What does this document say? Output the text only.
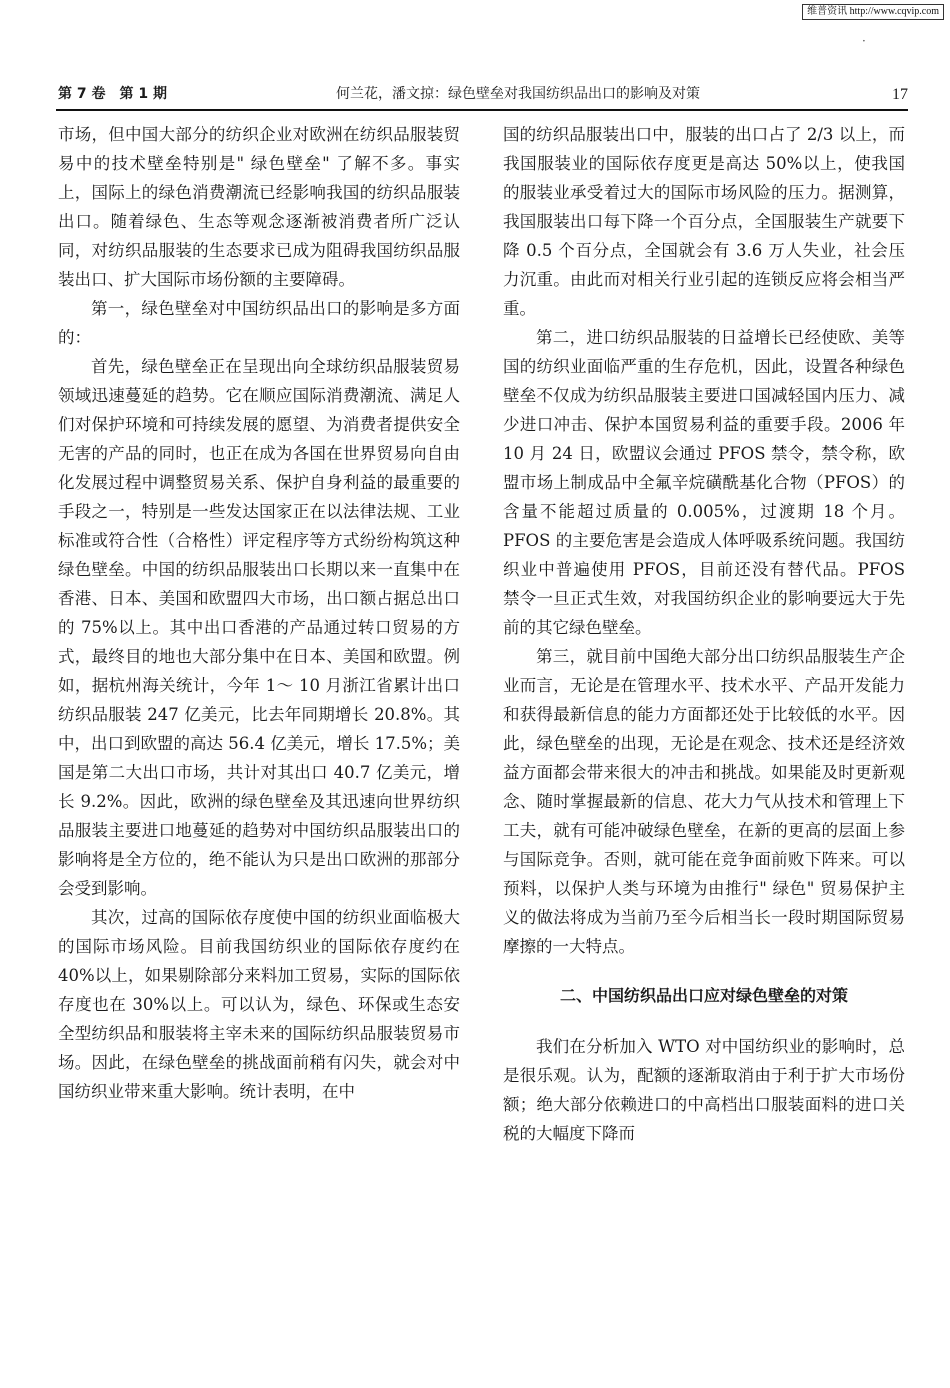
维普资讯 http://www.cqvip.com
·
第 7 卷　第 1 期	何兰花，潘文掠：绿色壁垒对我国纺织品出口的影响及对策	17

市场，但中国大部分的纺织企业对欧洲在纺织品服装贸易中的技术壁垒特别是" 绿色壁垒" 了解不多。事实上，国际上的绿色消费潮流已经影响我国的纺织品服装出口。随着绿色、生态等观念逐渐被消费者所广泛认同，对纺织品服装的生态要求已成为阻碍我国纺织品服装出口、扩大国际市场份额的主要障碍。

第一，绿色壁垒对中国纺织品出口的影响是多方面的：

首先，绿色壁垒正在呈现出向全球纺织品服装贸易领域迅速蔓延的趋势。它在顺应国际消费潮流、满足人们对保护环境和可持续发展的愿望、为消费者提供安全无害的产品的同时，也正在成为各国在世界贸易向自由化发展过程中调整贸易关系、保护自身利益的最重要的手段之一，特别是一些发达国家正在以法律法规、工业标准或符合性（合格性）评定程序等方式纷纷构筑这种绿色壁垒。中国的纺织品服装出口长期以来一直集中在香港、日本、美国和欧盟四大市场，出口额占据总出口的 75%以上。其中出口香港的产品通过转口贸易的方式，最终目的地也大部分集中在日本、美国和欧盟。例如，据杭州海关统计，今年 1～ 10 月浙江省累计出口纺织品服装 247 亿美元，比去年同期增长 20.8%。其中，出口到欧盟的高达 56.4 亿美元，增长 17.5%；美国是第二大出口市场，共计对其出口 40.7 亿美元，增长 9.2%。因此，欧洲的绿色壁垒及其迅速向世界纺织品服装主要进口地蔓延的趋势对中国纺织品服装出口的影响将是全方位的，绝不能认为只是出口欧洲的那部分会受到影响。

其次，过高的国际依存度使中国的纺织业面临极大的国际市场风险。目前我国纺织业的国际依存度约在 40%以上，如果剔除部分来料加工贸易，实际的国际依存度也在 30%以上。可以认为，绿色、环保或生态安全型纺织品和服装将主宰未来的国际纺织品服装贸易市场。因此，在绿色壁垒的挑战面前稍有闪失，就会对中国纺织业带来重大影响。统计表明，在中

国的纺织品服装出口中，服装的出口占了 2/3 以上，而我国服装业的国际依存度更是高达 50%以上，使我国的服装业承受着过大的国际市场风险的压力。据测算，我国服装出口每下降一个百分点，全国服装生产就要下降 0.5 个百分点，全国就会有 3.6 万人失业，社会压力沉重。由此而对相关行业引起的连锁反应将会相当严重。

第二，进口纺织品服装的日益增长已经使欧、美等国的纺织业面临严重的生存危机，因此，设置各种绿色壁垒不仅成为纺织品服装主要进口国减轻国内压力、减少进口冲击、保护本国贸易利益的重要手段。2006 年 10 月 24 日，欧盟议会通过 PFOS 禁令，禁令称，欧盟市场上制成品中全氟辛烷磺酰基化合物（PFOS）的含量不能超过质量的 0.005%，过渡期 18 个月。PFOS 的主要危害是会造成人体呼吸系统问题。我国纺织业中普遍使用 PFOS，目前还没有替代品。PFOS 禁令一旦正式生效，对我国纺织企业的影响要远大于先前的其它绿色壁垒。

第三，就目前中国绝大部分出口纺织品服装生产企业而言，无论是在管理水平、技术水平、产品开发能力和获得最新信息的能力方面都还处于比较低的水平。因此，绿色壁垒的出现，无论是在观念、技术还是经济效益方面都会带来很大的冲击和挑战。如果能及时更新观念、随时掌握最新的信息、花大力气从技术和管理上下工夫，就有可能冲破绿色壁垒，在新的更高的层面上参与国际竞争。否则，就可能在竞争面前败下阵来。可以预料，以保护人类与环境为由推行" 绿色" 贸易保护主义的做法将成为当前乃至今后相当长一段时期国际贸易摩擦的一大特点。

二、中国纺织品出口应对绿色壁垒的对策

我们在分析加入 WTO 对中国纺织业的影响时，总是很乐观。认为，配额的逐渐取消由于利于扩大市场份额；绝大部分依赖进口的中高档出口服装面料的进口关税的大幅度下降而
